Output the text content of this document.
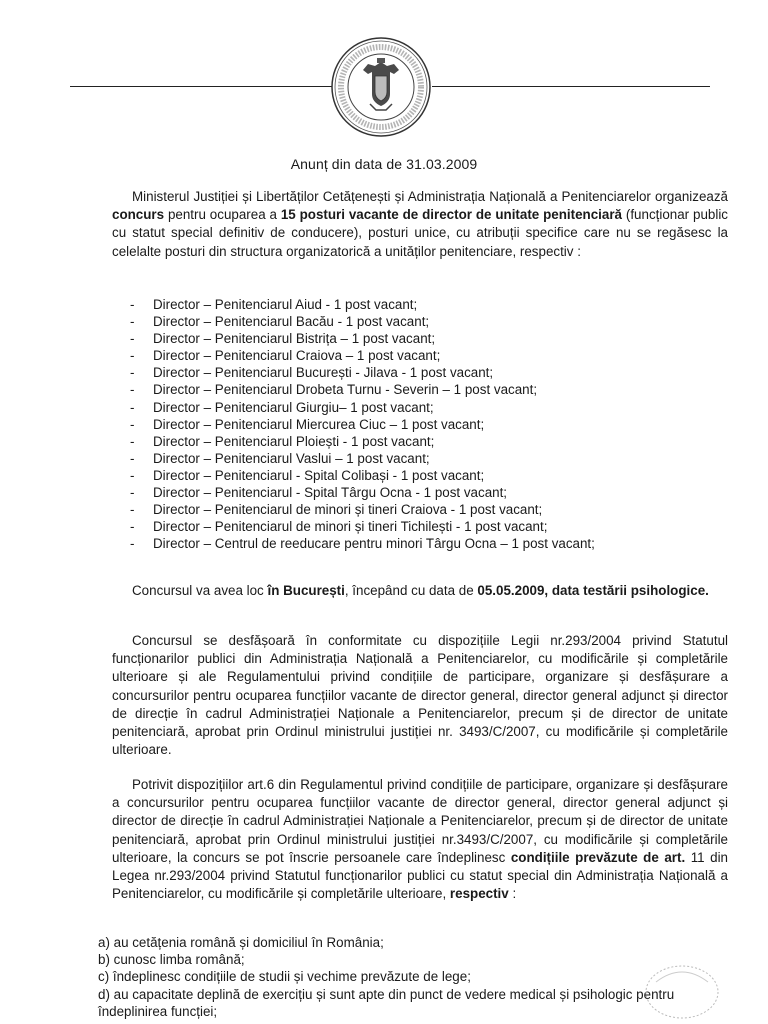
Anunț din data de 31.03.2009
Ministerul Justiției și Libertăților Cetățenești și Administrația Națională a Penitenciarelor organizează concurs pentru ocuparea a 15 posturi vacante de director de unitate penitenciară (funcționar public cu statut special definitiv de conducere), posturi unice, cu atribuții specifice care nu se regăsesc la celelalte posturi din structura organizatorică a unităților penitenciare, respectiv :
- Director – Penitenciarul Aiud - 1 post vacant;
- Director – Penitenciarul Bacău - 1 post vacant;
- Director – Penitenciarul Bistrița – 1 post vacant;
- Director – Penitenciarul Craiova – 1 post vacant;
- Director – Penitenciarul București - Jilava - 1 post vacant;
- Director – Penitenciarul Drobeta Turnu - Severin – 1 post vacant;
- Director – Penitenciarul Giurgiu– 1 post vacant;
- Director – Penitenciarul Miercurea Ciuc – 1 post vacant;
- Director – Penitenciarul Ploiești - 1 post vacant;
- Director – Penitenciarul Vaslui – 1 post vacant;
- Director – Penitenciarul - Spital Colibași - 1 post vacant;
- Director – Penitenciarul - Spital Târgu Ocna - 1 post vacant;
- Director – Penitenciarul de minori și tineri Craiova - 1 post vacant;
- Director – Penitenciarul de minori și tineri Tichilești - 1 post vacant;
- Director – Centrul de reeducare pentru minori Târgu Ocna – 1 post vacant;
Concursul va avea loc în București, începând cu data de 05.05.2009, data testării psihologice.
Concursul se desfășoară în conformitate cu dispozițiile Legii nr.293/2004 privind Statutul funcționarilor publici din Administrația Națională a Penitenciarelor, cu modificările și completările ulterioare și ale Regulamentului privind condițiile de participare, organizare și desfășurare a concursurilor pentru ocuparea funcțiilor vacante de director general, director general adjunct și director de direcție în cadrul Administrației Naționale a Penitenciarelor, precum și de director de unitate penitenciară, aprobat prin Ordinul ministrului justiției nr. 3493/C/2007, cu modificările și completările ulterioare.
Potrivit dispozițiilor art.6 din Regulamentul privind condițiile de participare, organizare și desfășurare a concursurilor pentru ocuparea funcțiilor vacante de director general, director general adjunct și director de direcție în cadrul Administrației Naționale a Penitenciarelor, precum și de director de unitate penitenciară, aprobat prin Ordinul ministrului justiției nr.3493/C/2007, cu modificările și completările ulterioare, la concurs se pot înscrie persoanele care îndeplinesc condițiile prevăzute de art. 11 din Legea nr.293/2004 privind Statutul funcționarilor publici cu statut special din Administrația Națională a Penitenciarelor, cu modificările și completările ulterioare, respectiv :
a) au cetățenia română și domiciliul în România;
b) cunosc limba română;
c) îndeplinesc condițiile de studii și vechime prevăzute de lege;
d) au capacitate deplină de exercițiu și sunt apte din punct de vedere medical și psihologic pentru îndeplinirea funcției;
